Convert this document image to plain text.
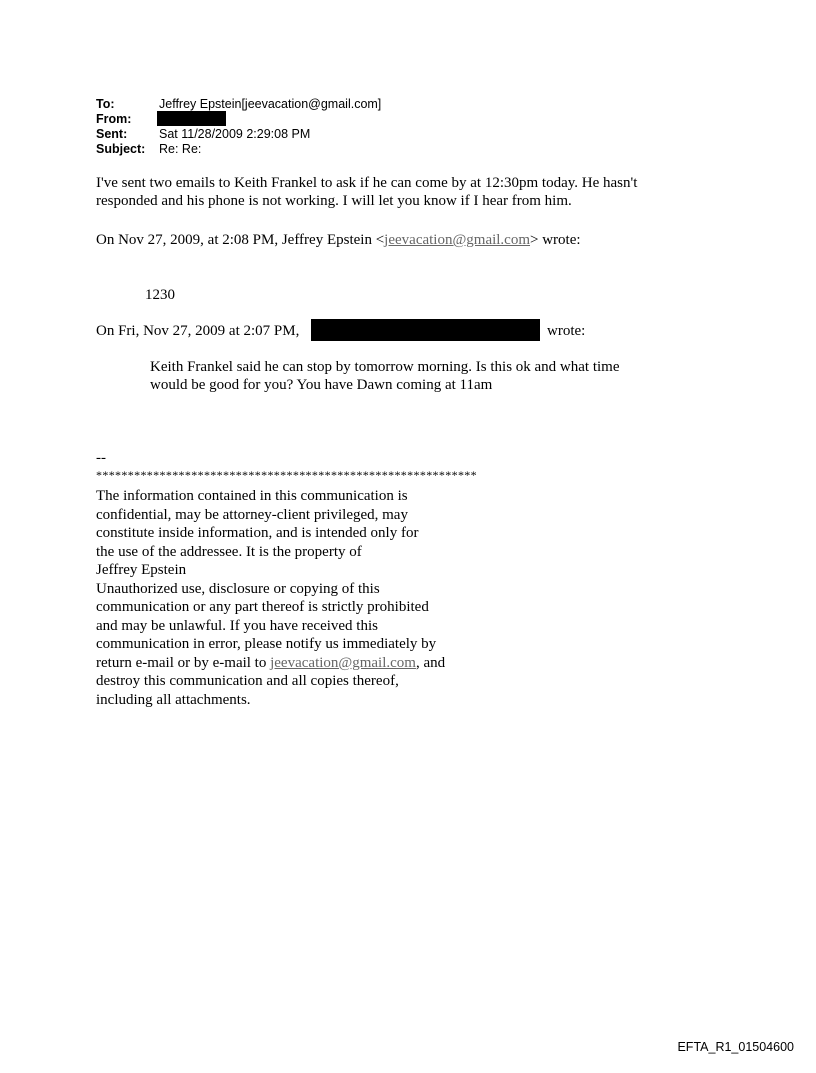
To:	Jeffrey Epstein[jeevacation@gmail.com]
From:
Sent:	Sat 11/28/2009 2:29:08 PM
Subject: Re: Re:
I've sent two emails to Keith Frankel to ask if he can come by at 12:30pm today. He hasn't
responded and his phone is not working. I will let you know if I hear from him.
On Nov 27, 2009, at 2:08 PM, Jeffrey Epstein <jeevacation@gmail.com> wrote:
1230
On Fri, Nov 27, 2009 at 2:07 PM,	wrote:
Keith Frankel said he can stop by tomorrow morning. Is this ok and what time
would be good for you? You have Dawn coming at 11am
--
************************************************************
The information contained in this communication is
confidential, may be attorney-client privileged, may
constitute inside information, and is intended only for
the use of the addressee. It is the property of
Jeffrey Epstein
Unauthorized use, disclosure or copying of this
communication or any part thereof is strictly prohibited
and may be unlawful. If you have received this
communication in error, please notify us immediately by
return e-mail or by e-mail to jeevacation@gmail.com, and
destroy this communication and all copies thereof,
including all attachments.
EFTA_R1_01504600
